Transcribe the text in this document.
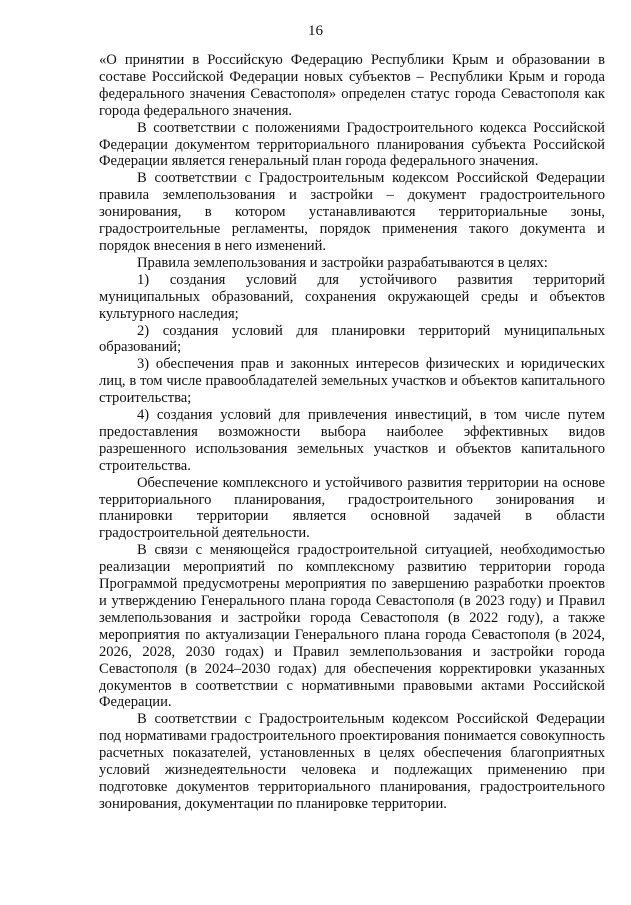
16

«О принятии в Российскую Федерацию Республики Крым и образовании в составе Российской Федерации новых субъектов – Республики Крым и города федерального значения Севастополя» определен статус города Севастополя как города федерального значения.

В соответствии с положениями Градостроительного кодекса Российской Федерации документом территориального планирования субъекта Российской Федерации является генеральный план города федерального значения.

В соответствии с Градостроительным кодексом Российской Федерации правила землепользования и застройки – документ градостроительного зонирования, в котором устанавливаются территориальные зоны, градостроительные регламенты, порядок применения такого документа и порядок внесения в него изменений.

Правила землепользования и застройки разрабатываются в целях:

1) создания условий для устойчивого развития территорий муниципальных образований, сохранения окружающей среды и объектов культурного наследия;

2) создания условий для планировки территорий муниципальных образований;

3) обеспечения прав и законных интересов физических и юридических лиц, в том числе правообладателей земельных участков и объектов капитального строительства;

4) создания условий для привлечения инвестиций, в том числе путем предоставления возможности выбора наиболее эффективных видов разрешенного использования земельных участков и объектов капитального строительства.

Обеспечение комплексного и устойчивого развития территории на основе территориального планирования, градостроительного зонирования и планировки территории является основной задачей в области градостроительной деятельности.

В связи с меняющейся градостроительной ситуацией, необходимостью реализации мероприятий по комплексному развитию территории города Программой предусмотрены мероприятия по завершению разработки проектов и утверждению Генерального плана города Севастополя (в 2023 году) и Правил землепользования и застройки города Севастополя (в 2022 году), а также мероприятия по актуализации Генерального плана города Севастополя (в 2024, 2026, 2028, 2030 годах) и Правил землепользования и застройки города Севастополя (в 2024–2030 годах) для обеспечения корректировки указанных документов в соответствии с нормативными правовыми актами Российской Федерации.

В соответствии с Градостроительным кодексом Российской Федерации под нормативами градостроительного проектирования понимается совокупность расчетных показателей, установленных в целях обеспечения благоприятных условий жизнедеятельности человека и подлежащих применению при подготовке документов территориального планирования, градостроительного зонирования, документации по планировке территории.
